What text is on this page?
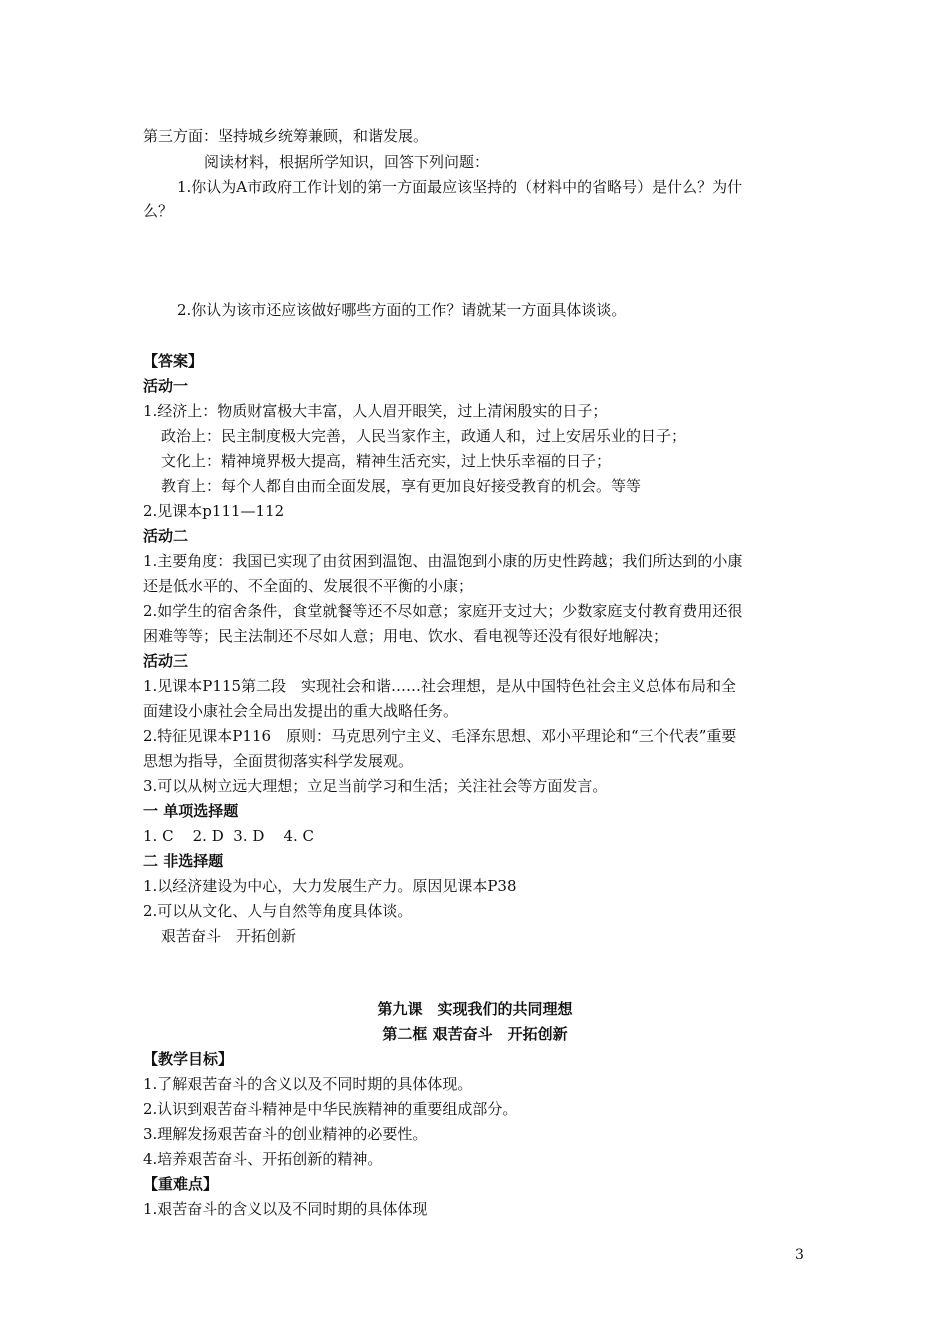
第三方面：坚持城乡统筹兼顾，和谐发展。
阅读材料，根据所学知识，回答下列问题：
1.你认为A市政府工作计划的第一方面最应该坚持的（材料中的省略号）是什么？为什
么？
2.你认为该市还应该做好哪些方面的工作？请就某一方面具体谈谈。
【答案】
活动一
1.经济上：物质财富极大丰富，人人眉开眼笑，过上清闲殷实的日子；
政治上：民主制度极大完善，人民当家作主，政通人和，过上安居乐业的日子；
文化上：精神境界极大提高，精神生活充实，过上快乐幸福的日子；
教育上：每个人都自由而全面发展，享有更加良好接受教育的机会。等等
2.见课本p111—112
活动二
1.主要角度：我国已实现了由贫困到温饱、由温饱到小康的历史性跨越；我们所达到的小康
还是低水平的、不全面的、发展很不平衡的小康；
2.如学生的宿舍条件，食堂就餐等还不尽如意；家庭开支过大；少数家庭支付教育费用还很
困难等等；民主法制还不尽如人意；用电、饮水、看电视等还没有很好地解决；
活动三
1.见课本P115第二段　实现社会和谐……社会理想，是从中国特色社会主义总体布局和全
面建设小康社会全局出发提出的重大战略任务。
2.特征见课本P116　原则：马克思列宁主义、毛泽东思想、邓小平理论和“三个代表”重要
思想为指导，全面贯彻落实科学发展观。
3.可以从树立远大理想；立足当前学习和生活；关注社会等方面发言。
一 单项选择题
1. C    2. D  3. D    4. C
二 非选择题
1.以经济建设为中心，大力发展生产力。原因见课本P38
2.可以从文化、人与自然等角度具体谈。
艰苦奋斗　开拓创新
第九课　实现我们的共同理想
第二框 艰苦奋斗　开拓创新
【教学目标】
1.了解艰苦奋斗的含义以及不同时期的具体体现。
2.认识到艰苦奋斗精神是中华民族精神的重要组成部分。
3.理解发扬艰苦奋斗的创业精神的必要性。
4.培养艰苦奋斗、开拓创新的精神。
【重难点】
1.艰苦奋斗的含义以及不同时期的具体体现
3
